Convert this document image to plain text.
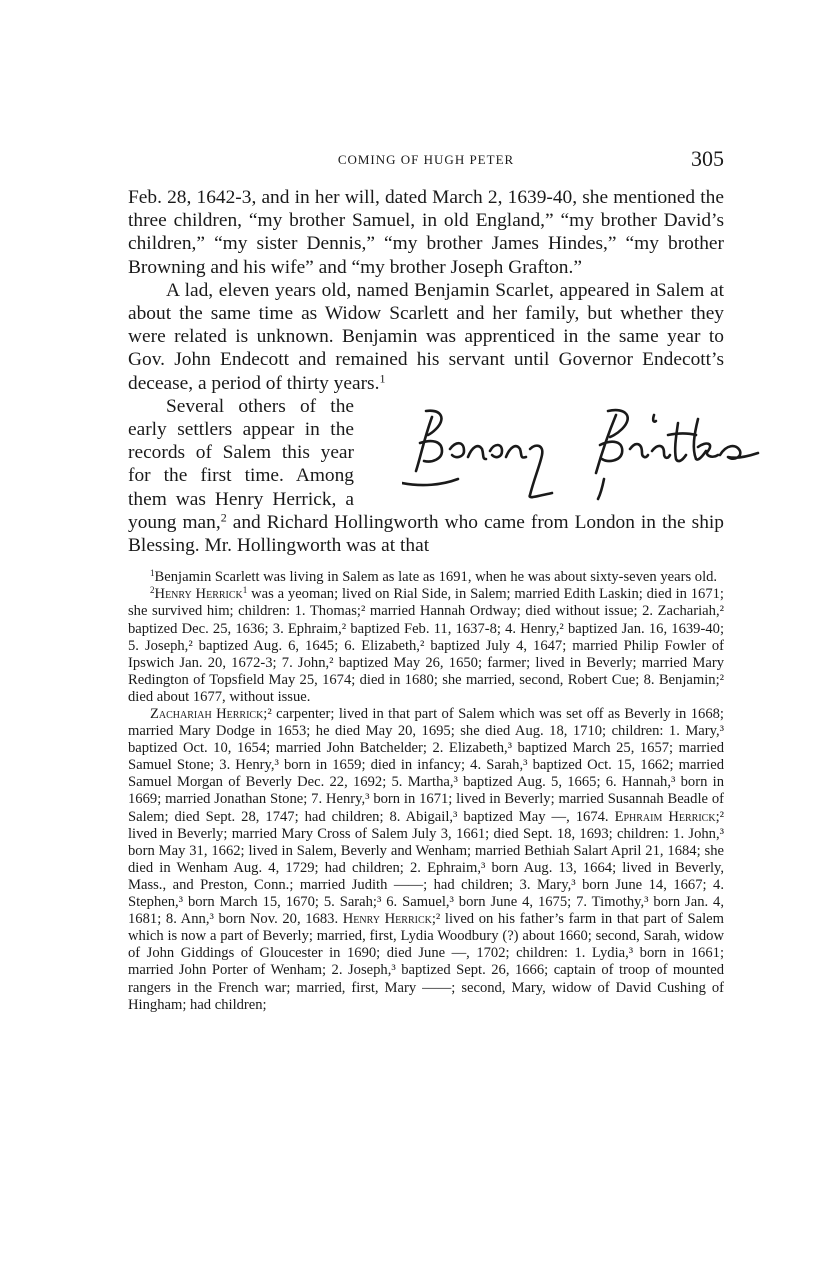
COMING OF HUGH PETER	305

Feb. 28, 1642-3, and in her will, dated March 2, 1639-40, she mentioned the three children, “my brother Samuel, in old England,” “my brother David’s children,” “my sister Dennis,” “my brother James Hindes,” “my brother Browning and his wife” and “my brother Joseph Grafton.”

A lad, eleven years old, named Benjamin Scarlet, appeared in Salem at about the same time as Widow Scarlett and her family, but whether they were related is unknown. Benjamin was apprenticed in the same year to Gov. John Endecott and remained his servant until Governor Endecott’s decease, a period of thirty years.$^1$

Several others of the early settlers appear in the records of Salem this year for the first time. Among them was Henry Herrick, a young man,$^2$ and Richard Hollingworth who came from London in the ship Blessing. Mr. Hollingworth was at that

$^1$Benjamin Scarlett was living in Salem as late as 1691, when he was about sixty-seven years old.

$^2$Henry Herrick$^1$ was a yeoman; lived on Rial Side, in Salem; married Edith Laskin; died in 1671; she survived him; children: 1. Thomas;² married Hannah Ordway; died without issue; 2. Zachariah,² baptized Dec. 25, 1636; 3. Ephraim,² baptized Feb. 11, 1637-8; 4. Henry,² baptized Jan. 16, 1639-40; 5. Joseph,² baptized Aug. 6, 1645; 6. Elizabeth,² baptized July 4, 1647; married Philip Fowler of Ipswich Jan. 20, 1672-3; 7. John,² baptized May 26, 1650; farmer; lived in Beverly; married Mary Redington of Topsfield May 25, 1674; died in 1680; she married, second, Robert Cue; 8. Benjamin;² died about 1677, without issue.

Zachariah Herrick;² carpenter; lived in that part of Salem which was set off as Beverly in 1668; married Mary Dodge in 1653; he died May 20, 1695; she died Aug. 18, 1710; children: 1. Mary,³ baptized Oct. 10, 1654; married John Batchelder; 2. Elizabeth,³ baptized March 25, 1657; married Samuel Stone; 3. Henry,³ born in 1659; died in infancy; 4. Sarah,³ baptized Oct. 15, 1662; married Samuel Morgan of Beverly Dec. 22, 1692; 5. Martha,³ baptized Aug. 5, 1665; 6. Hannah,³ born in 1669; married Jonathan Stone; 7. Henry,³ born in 1671; lived in Beverly; married Susannah Beadle of Salem; died Sept. 28, 1747; had children; 8. Abigail,³ baptized May —, 1674. Ephraim Herrick;² lived in Beverly; married Mary Cross of Salem July 3, 1661; died Sept. 18, 1693; children: 1. John,³ born May 31, 1662; lived in Salem, Beverly and Wenham; married Bethiah Salart April 21, 1684; she died in Wenham Aug. 4, 1729; had children; 2. Ephraim,³ born Aug. 13, 1664; lived in Beverly, Mass., and Preston, Conn.; married Judith ——; had children; 3. Mary,³ born June 14, 1667; 4. Stephen,³ born March 15, 1670; 5. Sarah;³ 6. Samuel,³ born June 4, 1675; 7. Timothy,³ born Jan. 4, 1681; 8. Ann,³ born Nov. 20, 1683. Henry Herrick;² lived on his father’s farm in that part of Salem which is now a part of Beverly; married, first, Lydia Woodbury (?) about 1660; second, Sarah, widow of John Giddings of Gloucester in 1690; died June —, 1702; children: 1. Lydia,³ born in 1661; married John Porter of Wenham; 2. Joseph,³ baptized Sept. 26, 1666; captain of troop of mounted rangers in the French war; married, first, Mary ——; second, Mary, widow of David Cushing of Hingham; had children;
